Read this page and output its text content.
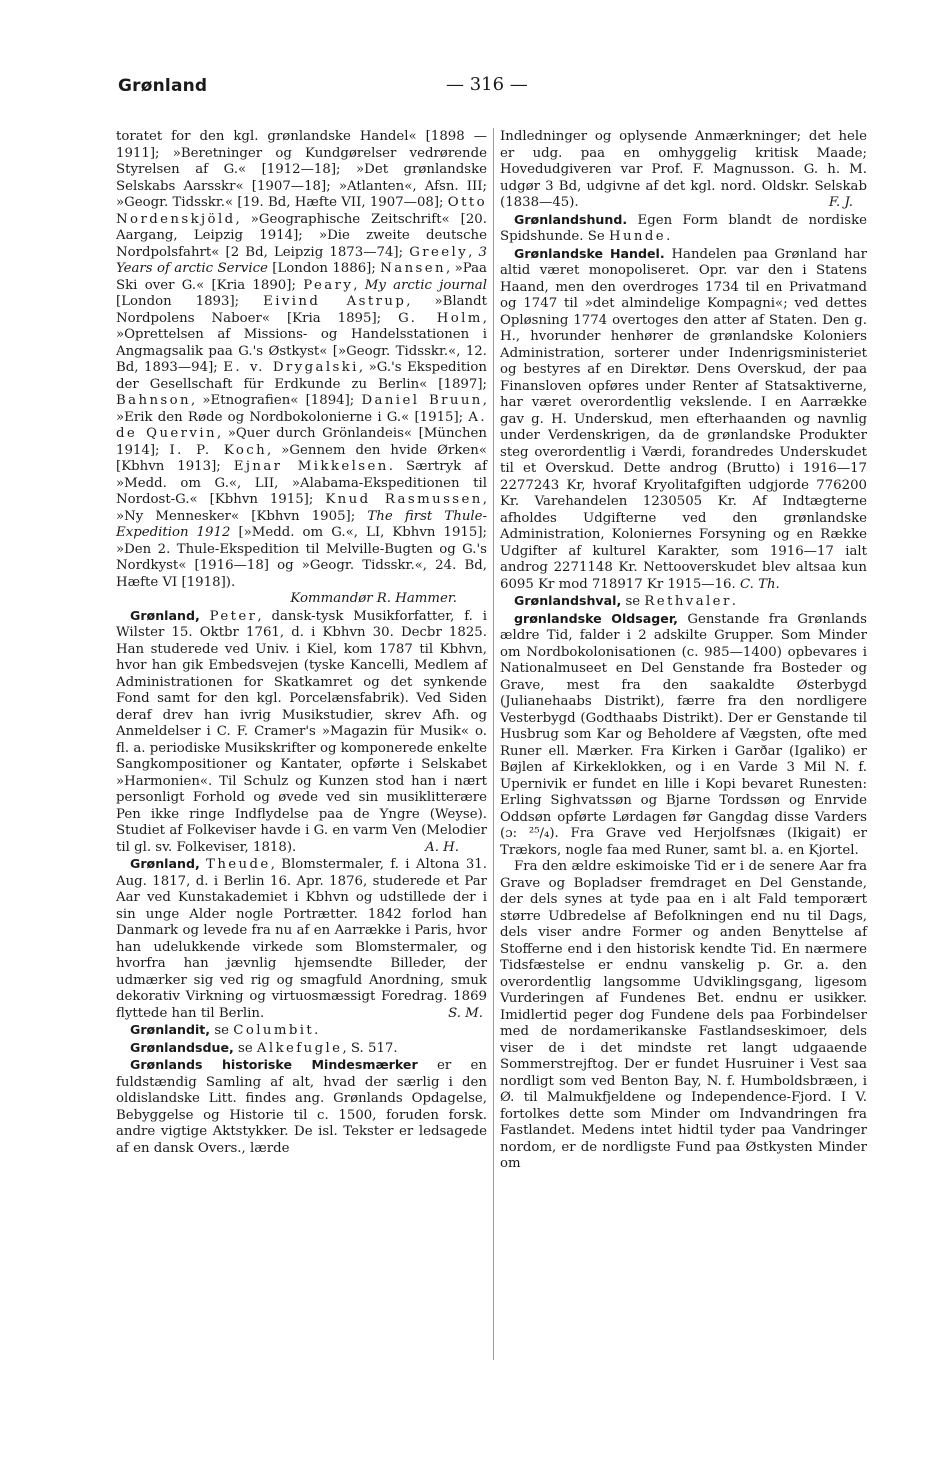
Grønland	— 316 —

toratet for den kgl. grønlandske Handel« [1898 —1911]; »Beretninger og Kundgørelser vedrørende Styrelsen af G.« [1912—18]; »Det grønlandske Selskabs Aarsskr« [1907—18]; »Atlanten«, Afsn. III; »Geogr. Tidsskr.« [19. Bd, Hæfte VII, 1907—08]; Otto Nordenskjöld, »Geographische Zeitschrift« [20. Aargang, Leipzig 1914]; »Die zweite deutsche Nordpolsfahrt« [2 Bd, Leipzig 1873—74]; Greely, 3 Years of arctic Service [London 1886]; Nansen, »Paa Ski over G.« [Kria 1890]; Peary, My arctic journal [London 1893]; Eivind Astrup, »Blandt Nordpolens Naboer« [Kria 1895]; G. Holm, »Oprettelsen af Missions- og Handelsstationen i Angmagsalik paa G.'s Østkyst« [»Geogr. Tidsskr.«, 12. Bd, 1893—94]; E. v. Drygalski, »G.'s Ekspedition der Gesellschaft für Erdkunde zu Berlin« [1897]; Bahnson, »Etnografien« [1894]; Daniel Bruun, »Erik den Røde og Nordbokolonierne i G.« [1915]; A. de Quervin, »Quer durch Grönlandeis« [München 1914]; I. P. Koch, »Gennem den hvide Ørken« [Kbhvn 1913]; Ejnar Mikkelsen. Særtryk af »Medd. om G.«, LII, »Alabama-Ekspeditionen til Nordost-G.« [Kbhvn 1915]; Knud Rasmussen, »Ny Mennesker« [Kbhvn 1905]; The first Thule-Expedition 1912 [»Medd. om G.«, LI, Kbhvn 1915]; »Den 2. Thule-Ekspedition til Melville-Bugten og G.'s Nordkyst« [1916—18] og »Geogr. Tidsskr.«, 24. Bd, Hæfte VI [1918]).

Kommandør R. Hammer.

Grønland, Peter, dansk-tysk Musikforfatter, f. i Wilster 15. Oktbr 1761, d. i Kbhvn 30. Decbr 1825. Han studerede ved Univ. i Kiel, kom 1787 til Kbhvn, hvor han gik Embedsvejen (tyske Kancelli, Medlem af Administrationen for Skatkamret og det synkende Fond samt for den kgl. Porcelænsfabrik). Ved Siden deraf drev han ivrig Musikstudier, skrev Afh. og Anmeldelser i C. F. Cramer's »Magazin für Musik« o. fl. a. periodiske Musikskrifter og komponerede enkelte Sangkompositioner og Kantater, opførte i Selskabet »Harmonien«. Til Schulz og Kunzen stod han i nært personligt Forhold og øvede ved sin musiklitterære Pen ikke ringe Indflydelse paa de Yngre (Weyse). Studiet af Folkeviser havde i G. en varm Ven (Melodier til gl. sv. Folkeviser, 1818).	A. H.

Grønland, Theude, Blomstermaler, f. i Altona 31. Aug. 1817, d. i Berlin 16. Apr. 1876, studerede et Par Aar ved Kunstakademiet i Kbhvn og udstillede der i sin unge Alder nogle Portrætter. 1842 forlod han Danmark og levede fra nu af en Aarrække i Paris, hvor han udelukkende virkede som Blomstermaler, og hvorfra han jævnlig hjemsendte Billeder, der udmærker sig ved rig og smagfuld Anordning, smuk dekorativ Virkning og virtuosmæssigt Foredrag. 1869 flyttede han til Berlin.	S. M.

Grønlandit, se Columbit.

Grønlandsdue, se Alkefugle, S. 517.

Grønlands historiske Mindesmærker er en fuldstændig Samling af alt, hvad der særlig i den oldislandske Litt. findes ang. Grønlands Opdagelse, Bebyggelse og Historie til c. 1500, foruden forsk. andre vigtige Aktstykker. De isl. Tekster er ledsagede af en dansk Overs., lærde

Indledninger og oplysende Anmærkninger; det hele er udg. paa en omhyggelig kritisk Maade; Hovedudgiveren var Prof. F. Magnusson. G. h. M. udgør 3 Bd, udgivne af det kgl. nord. Oldskr. Selskab (1838—45).	F. J.

Grønlandshund. Egen Form blandt de nordiske Spidshunde. Se Hunde.

Grønlandske Handel. Handelen paa Grønland har altid været monopoliseret. Opr. var den i Statens Haand, men den overdroges 1734 til en Privatmand og 1747 til »det almindelige Kompagni«; ved dettes Opløsning 1774 overtoges den atter af Staten. Den g. H., hvorunder henhører de grønlandske Koloniers Administration, sorterer under Indenrigsministeriet og bestyres af en Direktør. Dens Overskud, der paa Finansloven opføres under Renter af Statsaktiverne, har været overordentlig vekslende. I en Aarrække gav g. H. Underskud, men efterhaanden og navnlig under Verdenskrigen, da de grønlandske Produkter steg overordentlig i Værdi, forandredes Underskudet til et Overskud. Dette androg (Brutto) i 1916—17 2277243 Kr, hvoraf Kryolitafgiften udgjorde 776200 Kr. Varehandelen 1230505 Kr. Af Indtægterne afholdes Udgifterne ved den grønlandske Administration, Koloniernes Forsyning og en Række Udgifter af kulturel Karakter, som 1916—17 ialt androg 2271148 Kr. Nettooverskudet blev altsaa kun 6095 Kr mod 718917 Kr 1915—16. C. Th.

Grønlandshval, se Rethvaler.

grønlandske Oldsager, Genstande fra Grønlands ældre Tid, falder i 2 adskilte Grupper. Som Minder om Nordbokolonisationen (c. 985—1400) opbevares i Nationalmuseet en Del Genstande fra Bosteder og Grave, mest fra den saakaldte Østerbygd (Julianehaabs Distrikt), færre fra den nordligere Vesterbygd (Godthaabs Distrikt). Der er Genstande til Husbrug som Kar og Beholdere af Vægsten, ofte med Runer ell. Mærker. Fra Kirken i Garðar (Igaliko) er Bøjlen af Kirkeklokken, og i en Varde 3 Mil N. f. Upernivik er fundet en lille i Kopi bevaret Runesten: Erling Sighvatssøn og Bjarne Tordssøn og Enrvide Oddsøn opførte Lørdagen før Gangdag disse Varders (ɔ: ²⁵/₄). Fra Grave ved Herjolfsnæs (Ikigait) er Trækors, nogle faa med Runer, samt bl. a. en Kjortel.

Fra den ældre eskimoiske Tid er i de senere Aar fra Grave og Bopladser fremdraget en Del Genstande, der dels synes at tyde paa en i alt Fald temporært større Udbredelse af Befolkningen end nu til Dags, dels viser andre Former og anden Benyttelse af Stofferne end i den historisk kendte Tid. En nærmere Tidsfæstelse er endnu vanskelig p. Gr. a. den overordentlig langsomme Udviklingsgang, ligesom Vurderingen af Fundenes Bet. endnu er usikker. Imidlertid peger dog Fundene dels paa Forbindelser med de nordamerikanske Fastlandseskimoer, dels viser de i det mindste ret langt udgaaende Sommerstrejftog. Der er fundet Husruiner i Vest saa nordligt som ved Benton Bay, N. f. Humboldsbræen, i Ø. til Malmukfjeldene og Independence-Fjord. I V. fortolkes dette som Minder om Indvandringen fra Fastlandet. Medens intet hidtil tyder paa Vandringer nordom, er de nordligste Fund paa Østkysten Minder om
